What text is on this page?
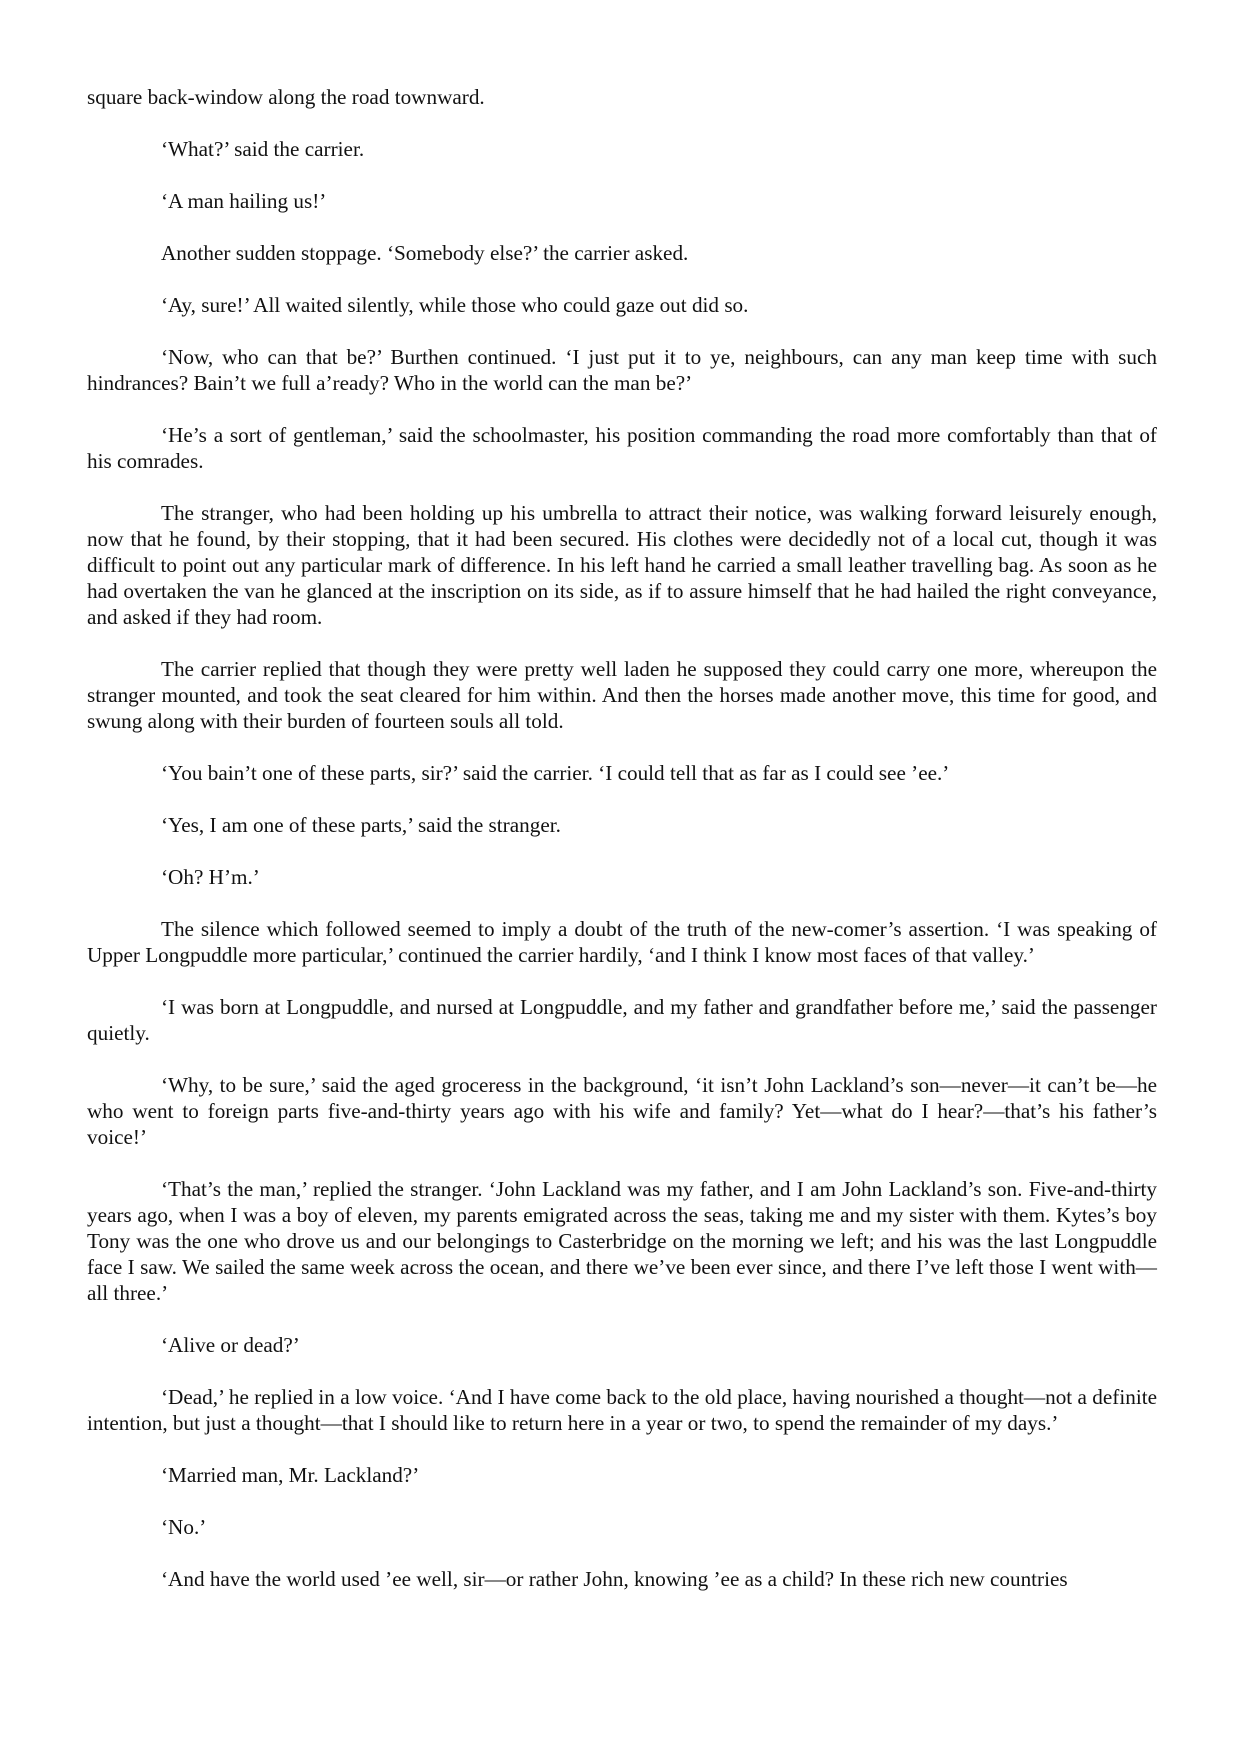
square back-window along the road townward.

‘What?’ said the carrier.

‘A man hailing us!’

Another sudden stoppage. ‘Somebody else?’ the carrier asked.

‘Ay, sure!’ All waited silently, while those who could gaze out did so.

‘Now, who can that be?’ Burthen continued. ‘I just put it to ye, neighbours, can any man keep time with such hindrances? Bain’t we full a’ready? Who in the world can the man be?’

‘He’s a sort of gentleman,’ said the schoolmaster, his position commanding the road more comfortably than that of his comrades.

The stranger, who had been holding up his umbrella to attract their notice, was walking forward leisurely enough, now that he found, by their stopping, that it had been secured. His clothes were decidedly not of a local cut, though it was difficult to point out any particular mark of difference. In his left hand he carried a small leather travelling bag. As soon as he had overtaken the van he glanced at the inscription on its side, as if to assure himself that he had hailed the right conveyance, and asked if they had room.

The carrier replied that though they were pretty well laden he supposed they could carry one more, whereupon the stranger mounted, and took the seat cleared for him within. And then the horses made another move, this time for good, and swung along with their burden of fourteen souls all told.

‘You bain’t one of these parts, sir?’ said the carrier. ‘I could tell that as far as I could see ’ee.’

‘Yes, I am one of these parts,’ said the stranger.

‘Oh? H’m.’

The silence which followed seemed to imply a doubt of the truth of the new-comer’s assertion. ‘I was speaking of Upper Longpuddle more particular,’ continued the carrier hardily, ‘and I think I know most faces of that valley.’

‘I was born at Longpuddle, and nursed at Longpuddle, and my father and grandfather before me,’ said the passenger quietly.

‘Why, to be sure,’ said the aged groceress in the background, ‘it isn’t John Lackland’s son—never—it can’t be—he who went to foreign parts five-and-thirty years ago with his wife and family? Yet—what do I hear?—that’s his father’s voice!’

‘That’s the man,’ replied the stranger. ‘John Lackland was my father, and I am John Lackland’s son. Five-and-thirty years ago, when I was a boy of eleven, my parents emigrated across the seas, taking me and my sister with them. Kytes’s boy Tony was the one who drove us and our belongings to Casterbridge on the morning we left; and his was the last Longpuddle face I saw. We sailed the same week across the ocean, and there we’ve been ever since, and there I’ve left those I went with—all three.’

‘Alive or dead?’

‘Dead,’ he replied in a low voice. ‘And I have come back to the old place, having nourished a thought—not a definite intention, but just a thought—that I should like to return here in a year or two, to spend the remainder of my days.’

‘Married man, Mr. Lackland?’

‘No.’

‘And have the world used ’ee well, sir—or rather John, knowing ’ee as a child? In these rich new countries
